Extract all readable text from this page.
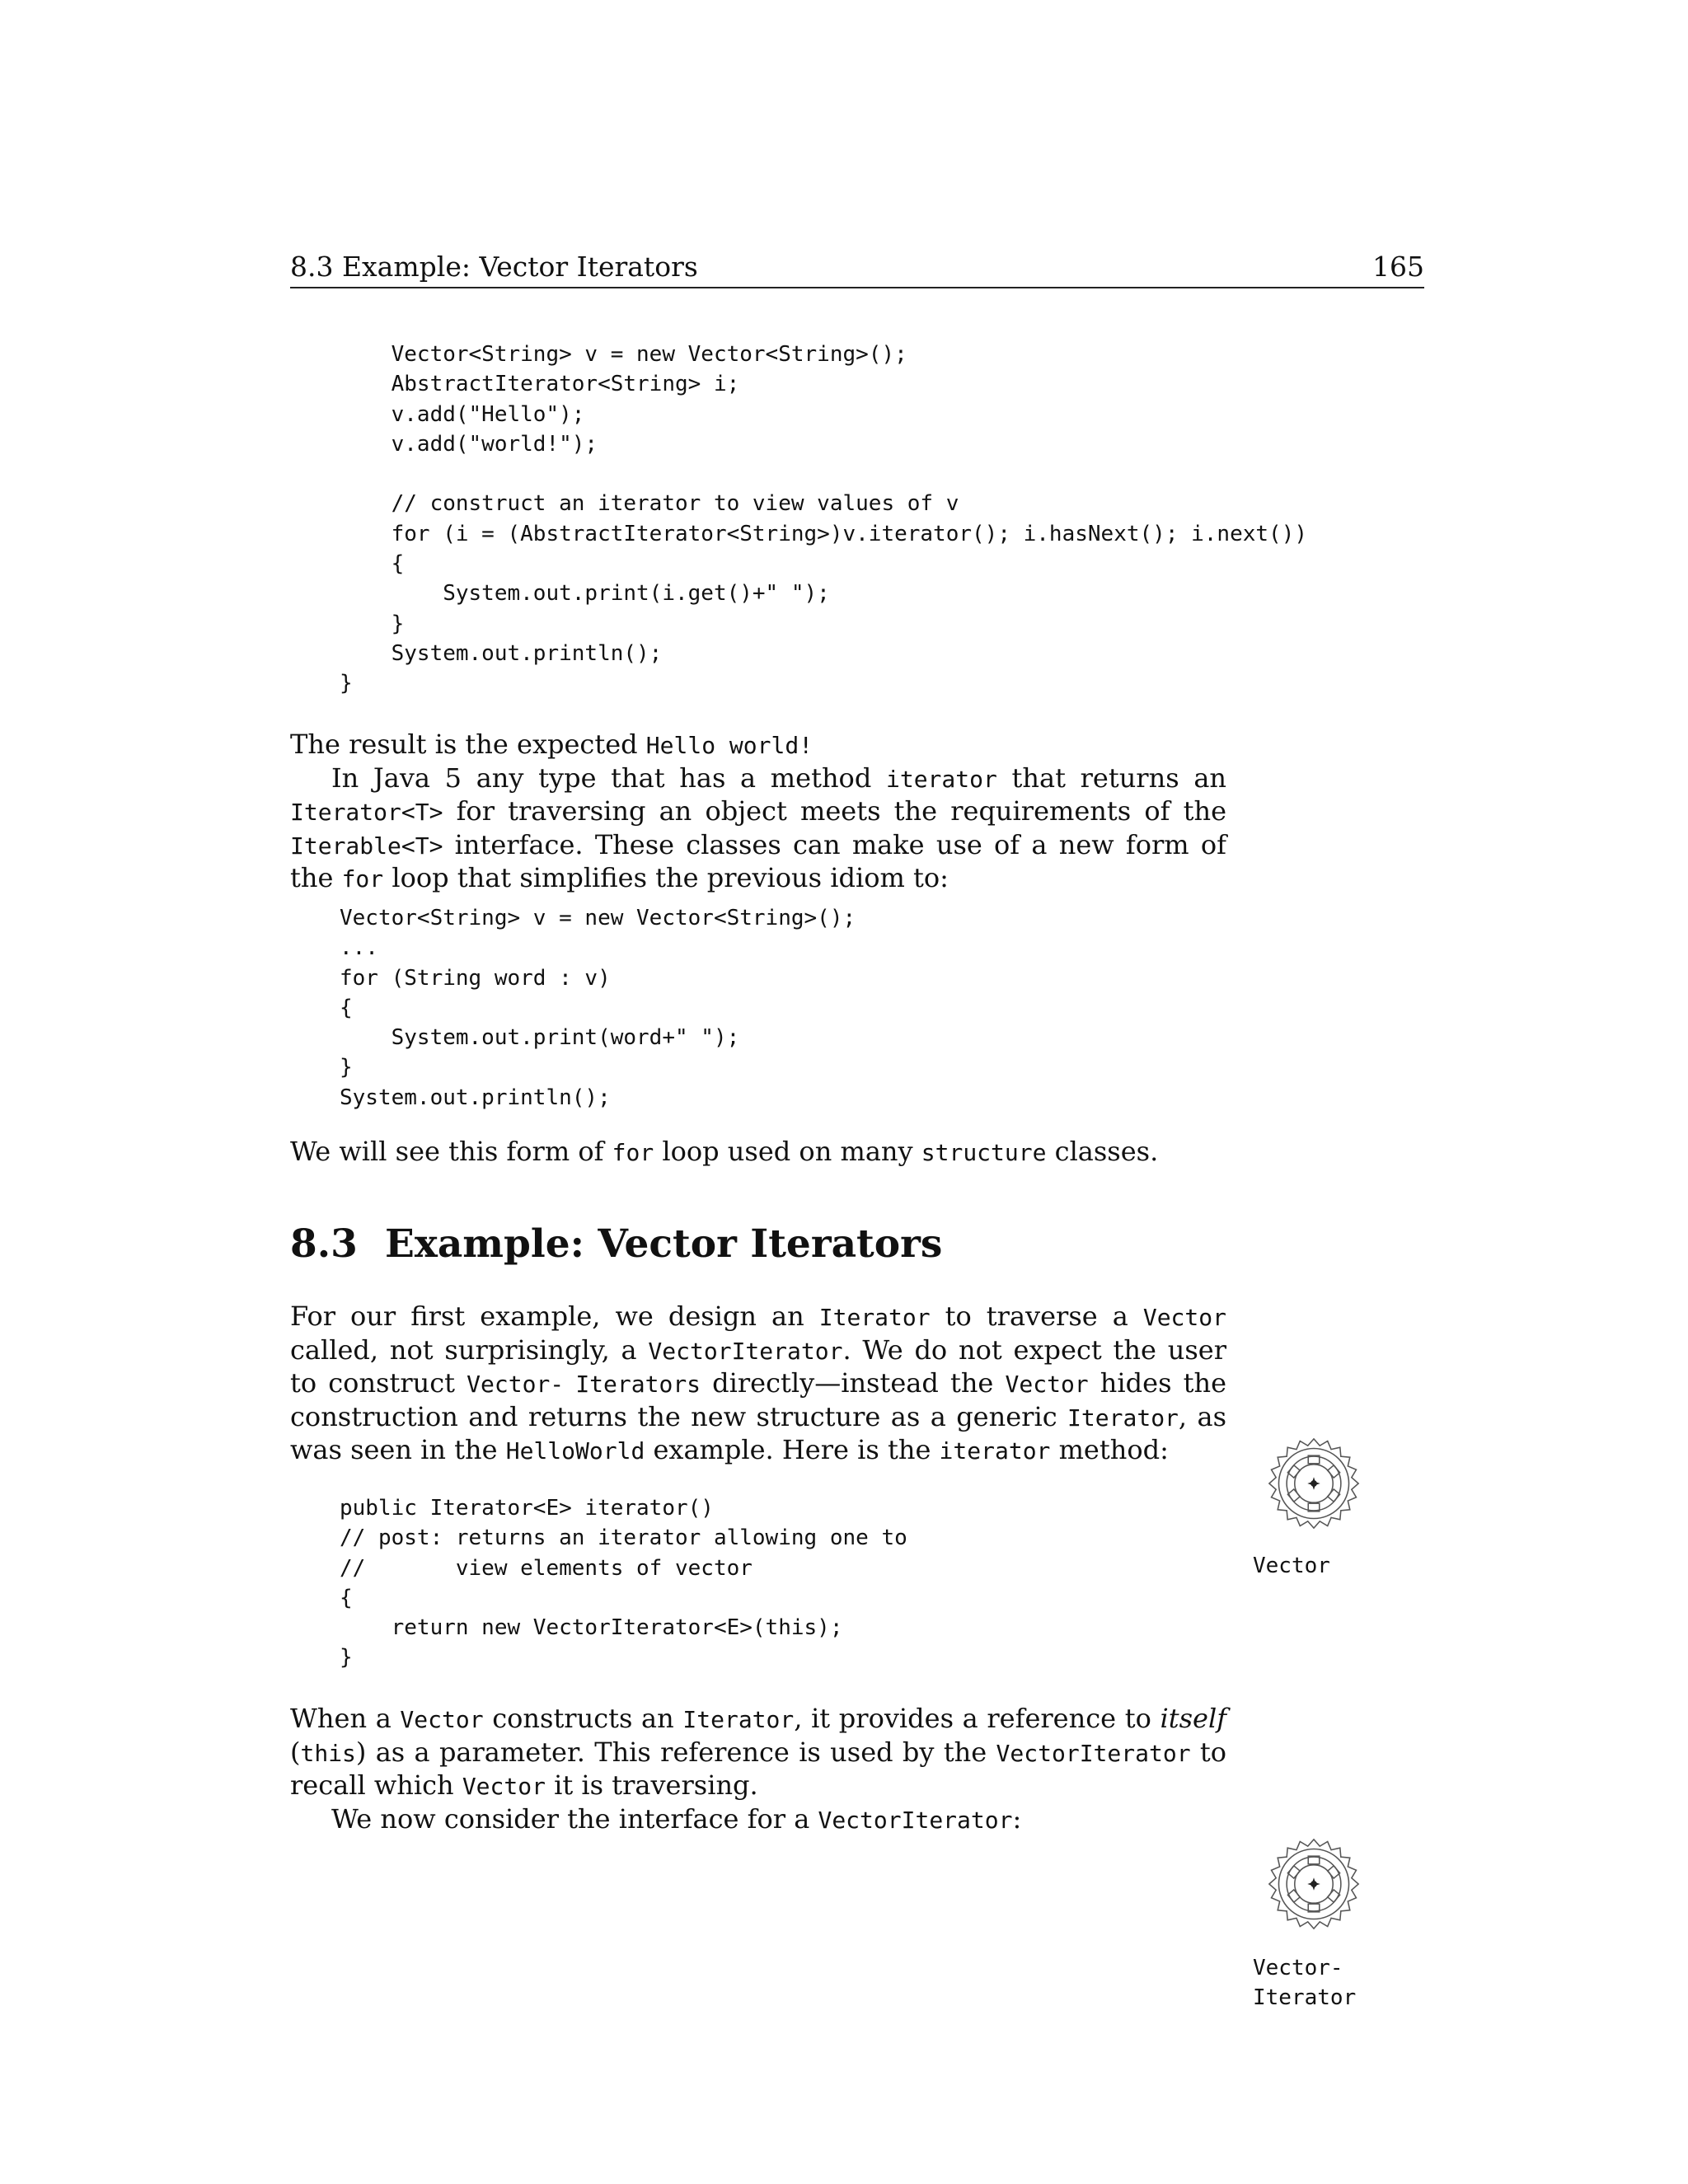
8.3 Example: Vector Iterators	165
Vector<String> v = new Vector<String>();
AbstractIterator<String> i;
v.add("Hello");
v.add("world!");

// construct an iterator to view values of v
for (i = (AbstractIterator<String>)v.iterator(); i.hasNext(); i.next())
{
System.out.print(i.get()+" ");
}
System.out.println();
}

The result is the expected Hello world!

In Java 5 any type that has a method iterator that returns an Iterator<T> for traversing an object meets the requirements of the Iterable<T> interface. These classes can make use of a new form of the for loop that simplifies the previous idiom to:

Vector<String> v = new Vector<String>();
...
for (String word : v)
{
System.out.print(word+" ");
}
System.out.println();

We will see this form of for loop used on many structure classes.

8.3 Example: Vector Iterators

For our first example, we design an Iterator to traverse a Vector called, not surprisingly, a VectorIterator. We do not expect the user to construct Vector- Iterators directly—instead the Vector hides the construction and returns the new structure as a generic Iterator, as was seen in the HelloWorld example. Here is the iterator method:

public Iterator<E> iterator()
// post: returns an iterator allowing one to
//       view elements of vector
{
return new VectorIterator<E>(this);
}

When a Vector constructs an Iterator, it provides a reference to itself (this) as a parameter. This reference is used by the VectorIterator to recall which Vector it is traversing.

We now consider the interface for a VectorIterator:

Vector
Vector-
Iterator
